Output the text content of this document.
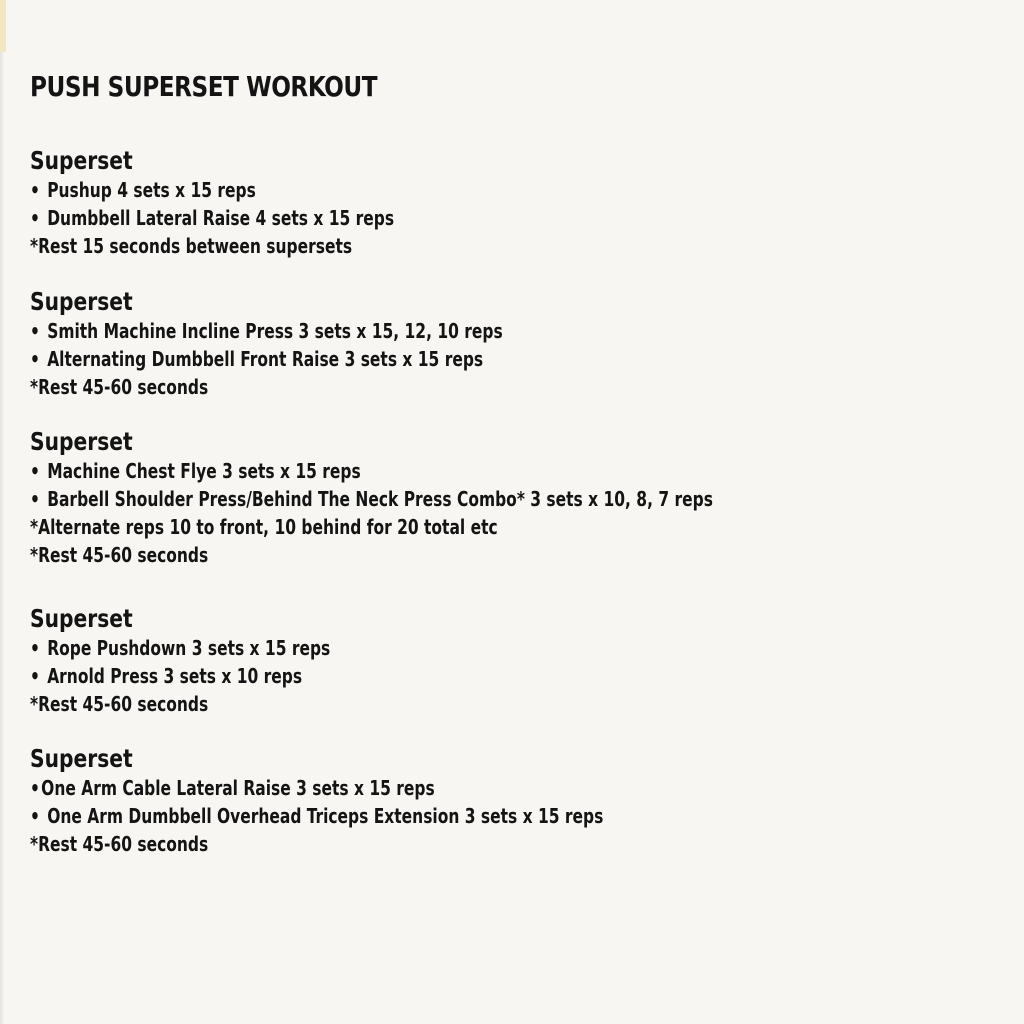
PUSH SUPERSET WORKOUT
Superset
• Pushup 4 sets x 15 reps
• Dumbbell Lateral Raise 4 sets x 15 reps
*Rest 15 seconds between supersets
Superset
• Smith Machine Incline Press 3 sets x 15, 12, 10 reps
• Alternating Dumbbell Front Raise 3 sets x 15 reps
*Rest 45-60 seconds
Superset
• Machine Chest Flye 3 sets x 15 reps
• Barbell Shoulder Press/Behind The Neck Press Combo* 3 sets x 10, 8, 7 reps
*Alternate reps 10 to front, 10 behind for 20 total etc
*Rest 45-60 seconds
Superset
• Rope Pushdown 3 sets x 15 reps
• Arnold Press 3 sets x 10 reps
*Rest 45-60 seconds
Superset
•One Arm Cable Lateral Raise 3 sets x 15 reps
• One Arm Dumbbell Overhead Triceps Extension 3 sets x 15 reps
*Rest 45-60 seconds
